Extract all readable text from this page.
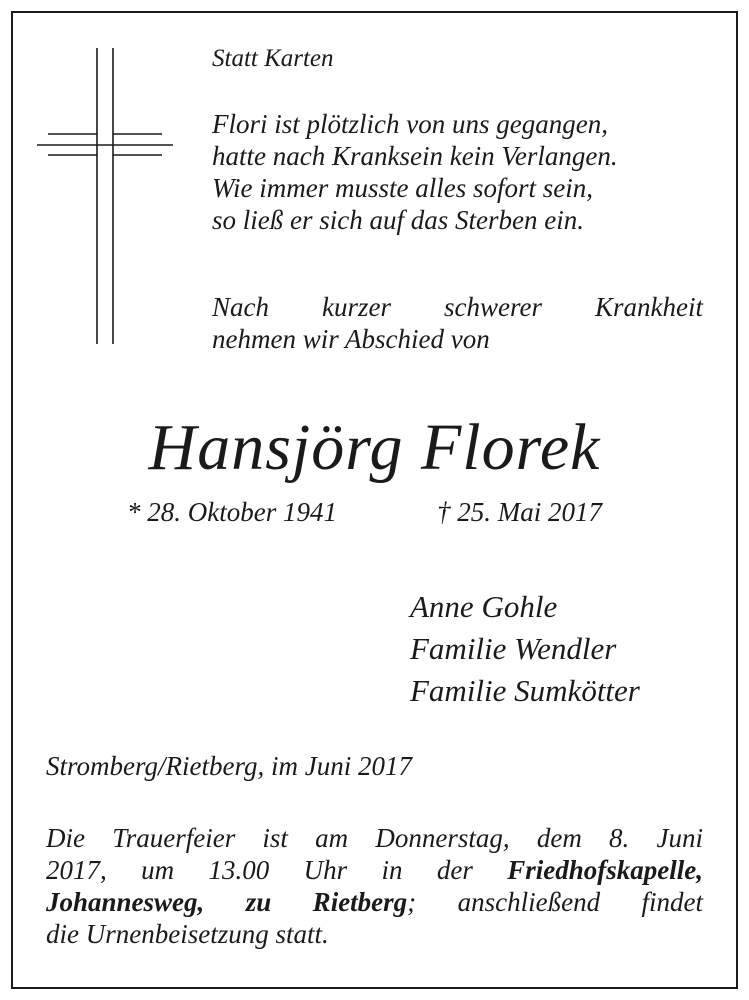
Statt Karten

Flori ist plötzlich von uns gegangen,
hatte nach Kranksein kein Verlangen.
Wie immer musste alles sofort sein,
so ließ er sich auf das Sterben ein.
Nach kurzer schwerer Krankheit
nehmen wir Abschied von

Hansjörg Florek

* 28. Oktober 1941	† 25. Mai 2017

Anne Gohle
Familie Wendler
Familie Sumkötter

Stromberg/Rietberg, im Juni 2017

Die Trauerfeier ist am Donnerstag, dem 8. Juni
2017, um 13.00 Uhr in der Friedhofskapelle,
Johannesweg, zu Rietberg; anschließend findet
die Urnenbeisetzung statt.
